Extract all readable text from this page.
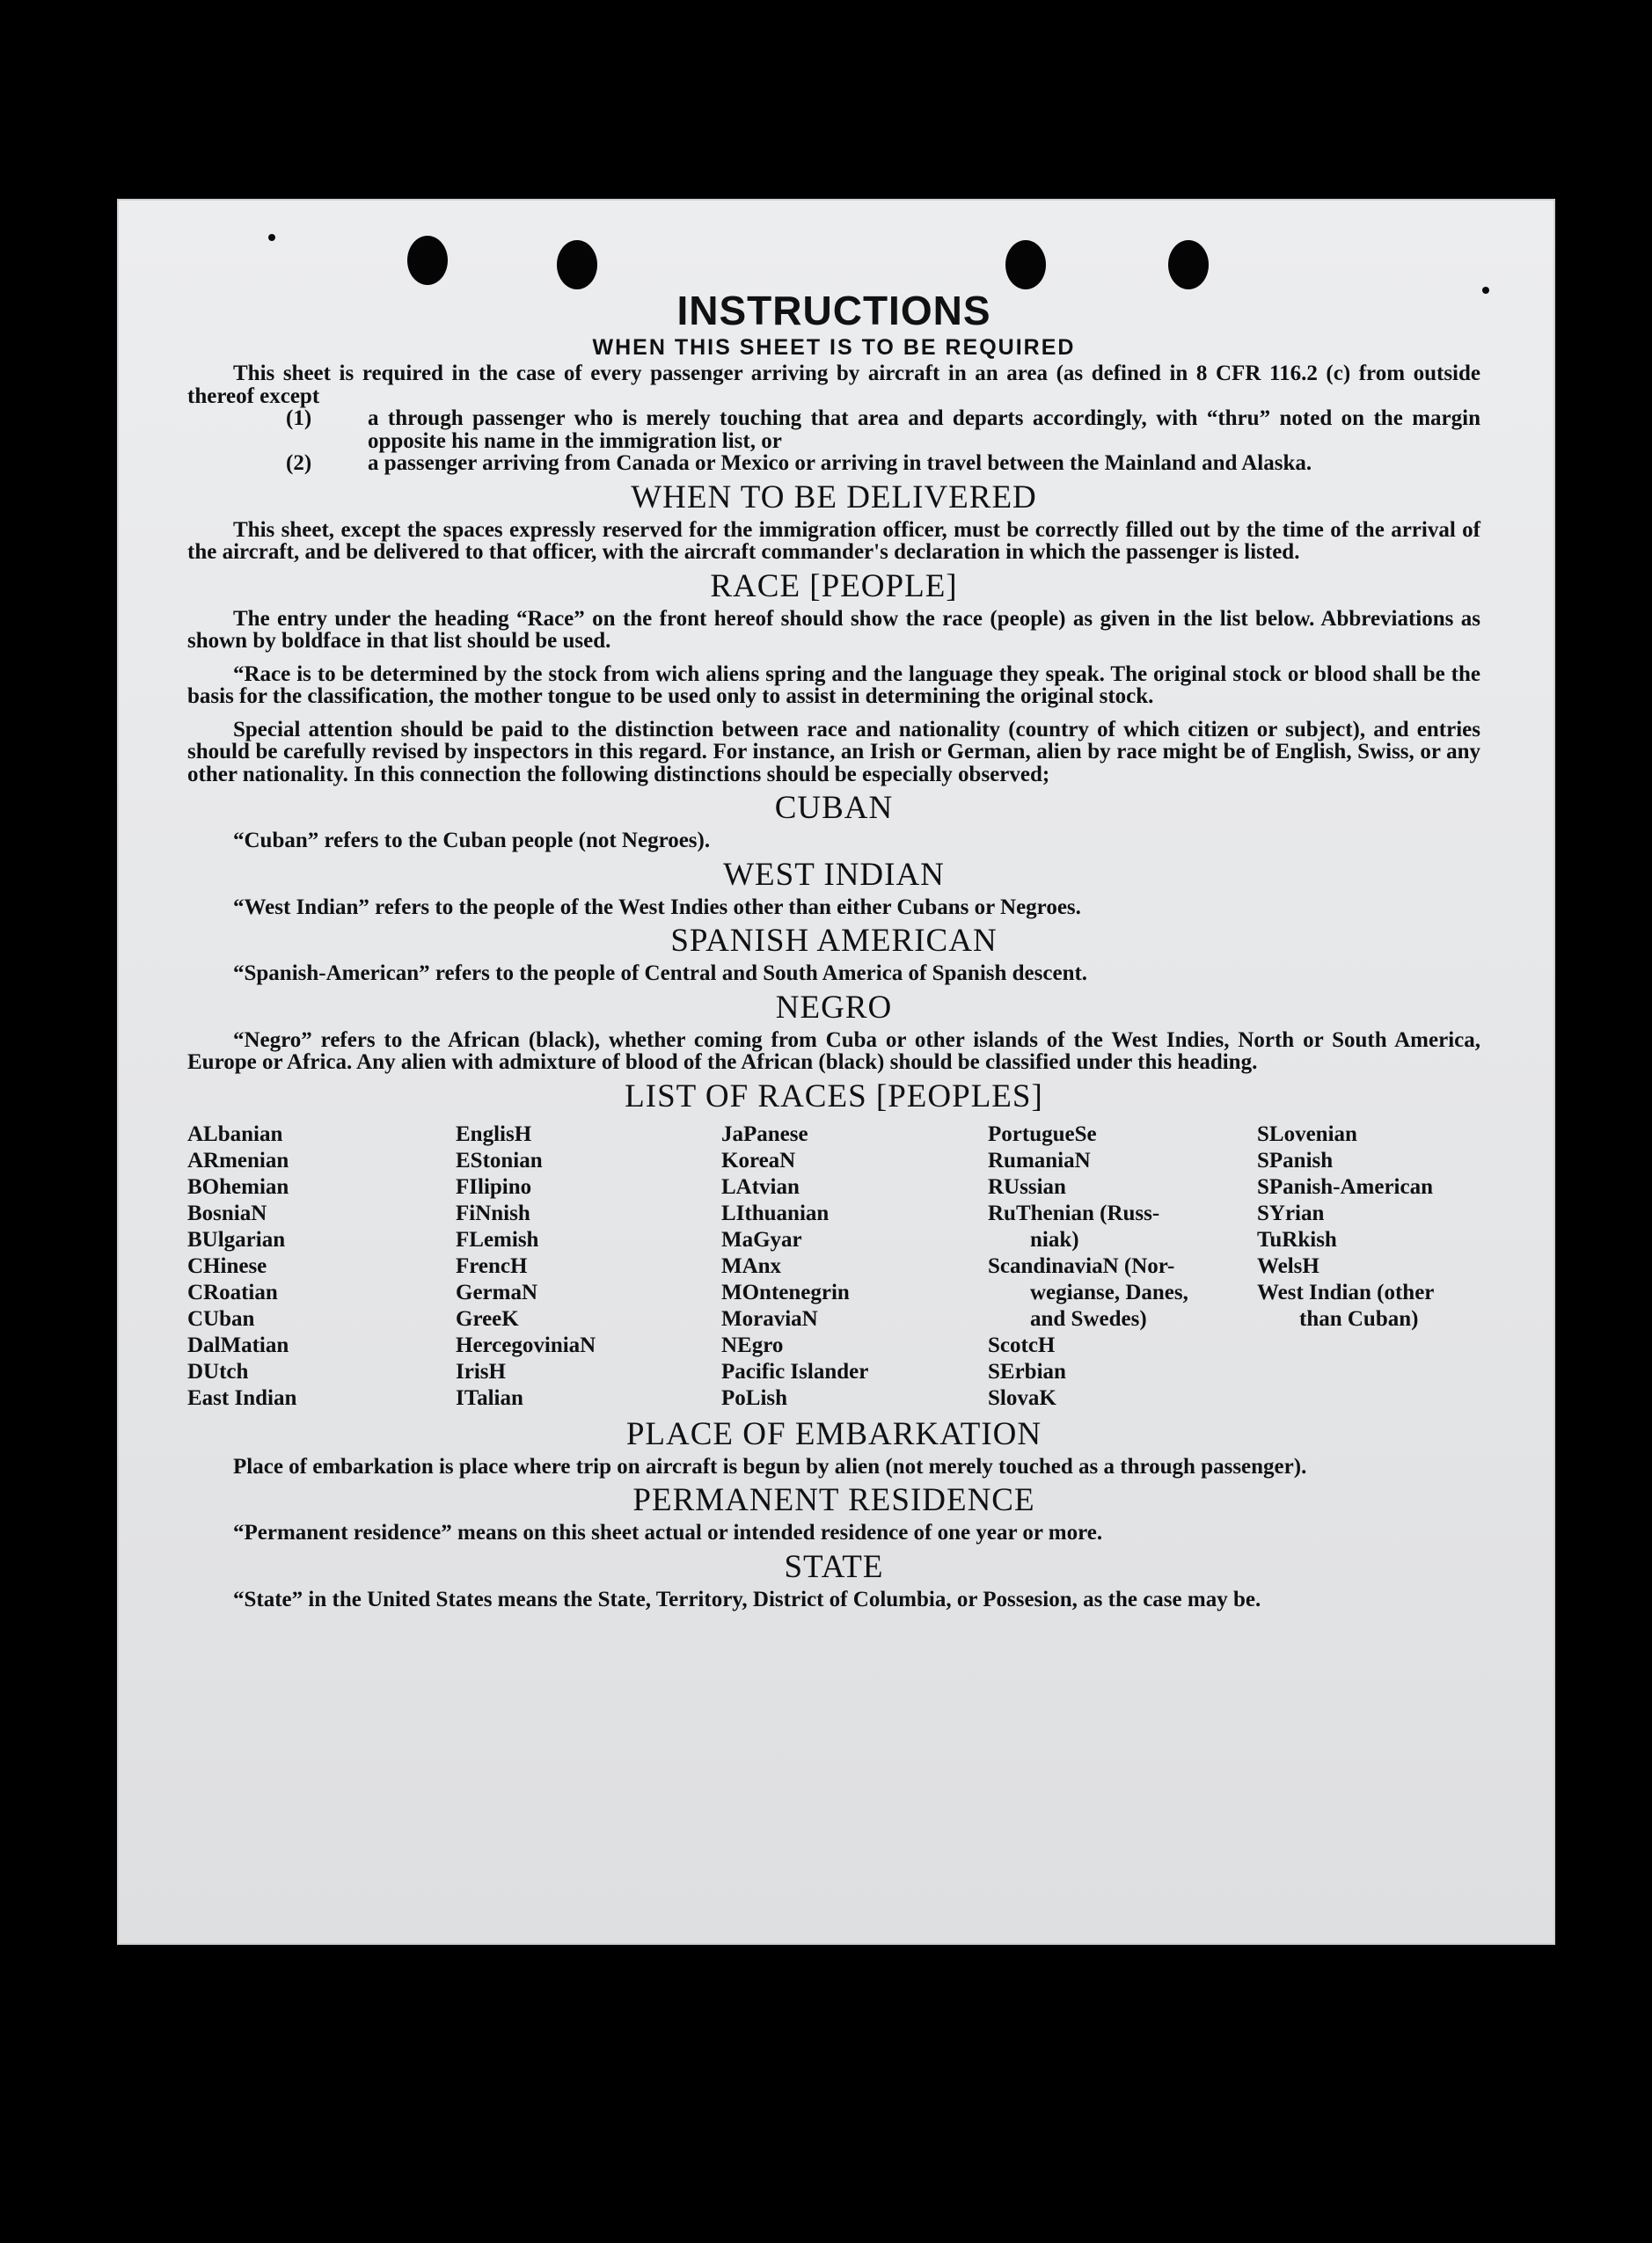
INSTRUCTIONS
WHEN THIS SHEET IS TO BE REQUIRED

This sheet is required in the case of every passenger arriving by aircraft in an area (as defined in 8 CFR 116.2 (c) from outside thereof except

(1)	a through passenger who is merely touching that area and departs accordingly, with “thru” noted on the margin opposite his name in the immigration list, or
(2)	a passenger arriving from Canada or Mexico or arriving in travel between the Mainland and Alaska.
WHEN TO BE DELIVERED

This sheet, except the spaces expressly reserved for the immigration officer, must be correctly filled out by the time of the arrival of the aircraft, and be delivered to that officer, with the aircraft commander's declaration in which the passenger is listed.

RACE [PEOPLE]

The entry under the heading “Race” on the front hereof should show the race (people) as given in the list below. Abbreviations as shown by boldface in that list should be used.

“Race is to be determined by the stock from wich aliens spring and the language they speak. The original stock or blood shall be the basis for the classification, the mother tongue to be used only to assist in determining the original stock.

Special attention should be paid to the distinction between race and nationality (country of which citizen or subject), and entries should be carefully revised by inspectors in this regard. For instance, an Irish or German, alien by race might be of English, Swiss, or any other nationality. In this connection the following distinctions should be especially observed;

CUBAN

“Cuban” refers to the Cuban people (not Negroes).

WEST INDIAN

“West Indian” refers to the people of the West Indies other than either Cubans or Negroes.

SPANISH AMERICAN

“Spanish-American” refers to the people of Central and South America of Spanish descent.

NEGRO

“Negro” refers to the African (black), whether coming from Cuba or other islands of the West Indies, North or South America, Europe or Africa. Any alien with admixture of blood of the African (black) should be classified under this heading.

LIST OF RACES [PEOPLES]
ALbanian
ARmenian
BOhemian
BosniaN
BUlgarian
CHinese
CRoatian
CUban
DalMatian
DUtch
East Indian
EnglisH
EStonian
FIlipino
FiNnish
FLemish
FrencH
GermaN
GreeK
HercegoviniaN
IrisH
ITalian
JaPanese
KoreaN
LAtvian
LIthuanian
MaGyar
MAnx
MOntenegrin
MoraviaN
NEgro
Pacific Islander
PoLish
PortugueSe
RumaniaN
RUssian
RuThenian (Russ-
niak)
ScandinaviaN (Nor-
wegianse, Danes,
and Swedes)
ScotcH
SErbian
SlovaK
SLovenian
SPanish
SPanish-American
SYrian
TuRkish
WelsH
West Indian (other
than Cuban)
PLACE OF EMBARKATION

Place of embarkation is place where trip on aircraft is begun by alien (not merely touched as a through passenger).

PERMANENT RESIDENCE

“Permanent residence” means on this sheet actual or intended residence of one year or more.

STATE

“State” in the United States means the State, Territory, District of Columbia, or Possesion, as the case may be.
